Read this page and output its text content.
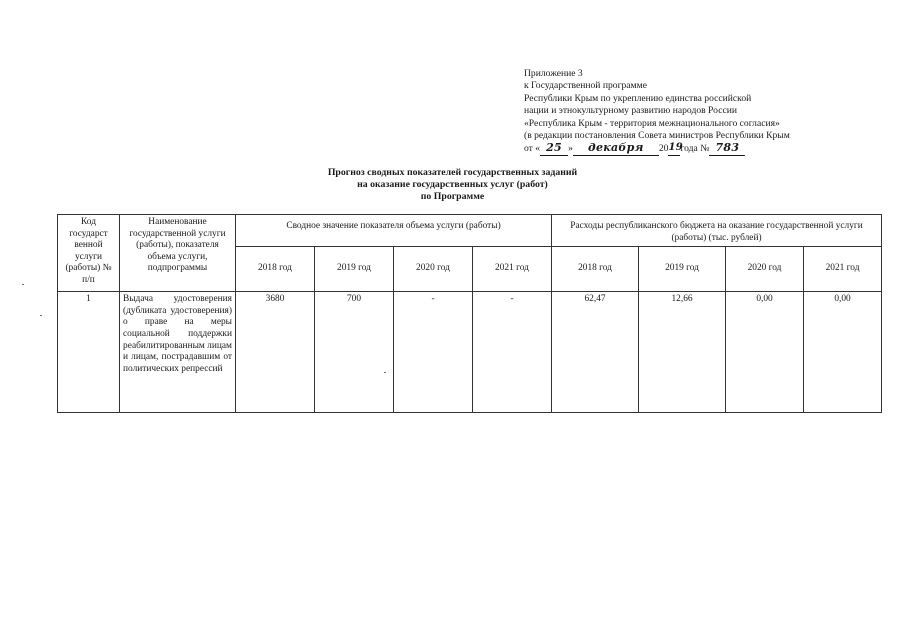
Приложение 3
к Государственной программе
Республики Крым по укреплению единства российской
нации и этнокультурному развитию народов России
«Республика Крым - территория межнационального согласия»
(в редакции постановления Совета министров Республики Крым
от « 25 »	декабря	20 19
года № 783
Прогноз сводных показателей государственных заданий
на оказание государственных услуг (работ)
по Программе
Код государст венной услуги (работы) № п/п	Наименование государственной услуги (работы), показателя объема услуги, подпрограммы	Сводное значение показателя объема услуги (работы)				Расходы республиканского бюджета на оказание государственной услуги (работы) (тыс. рублей)			
		2018 год	2019 год	2020 год	2021 год	2018 год	2019 год	2020 год	2021 год
1	Выдача удостоверения (дубликата удостоверения) о праве на меры социальной поддержки реабилитированным лицам и лицам, пострадавшим от политических репрессий	3680	700	-	-	62,47	12,66	0,00	0,00
